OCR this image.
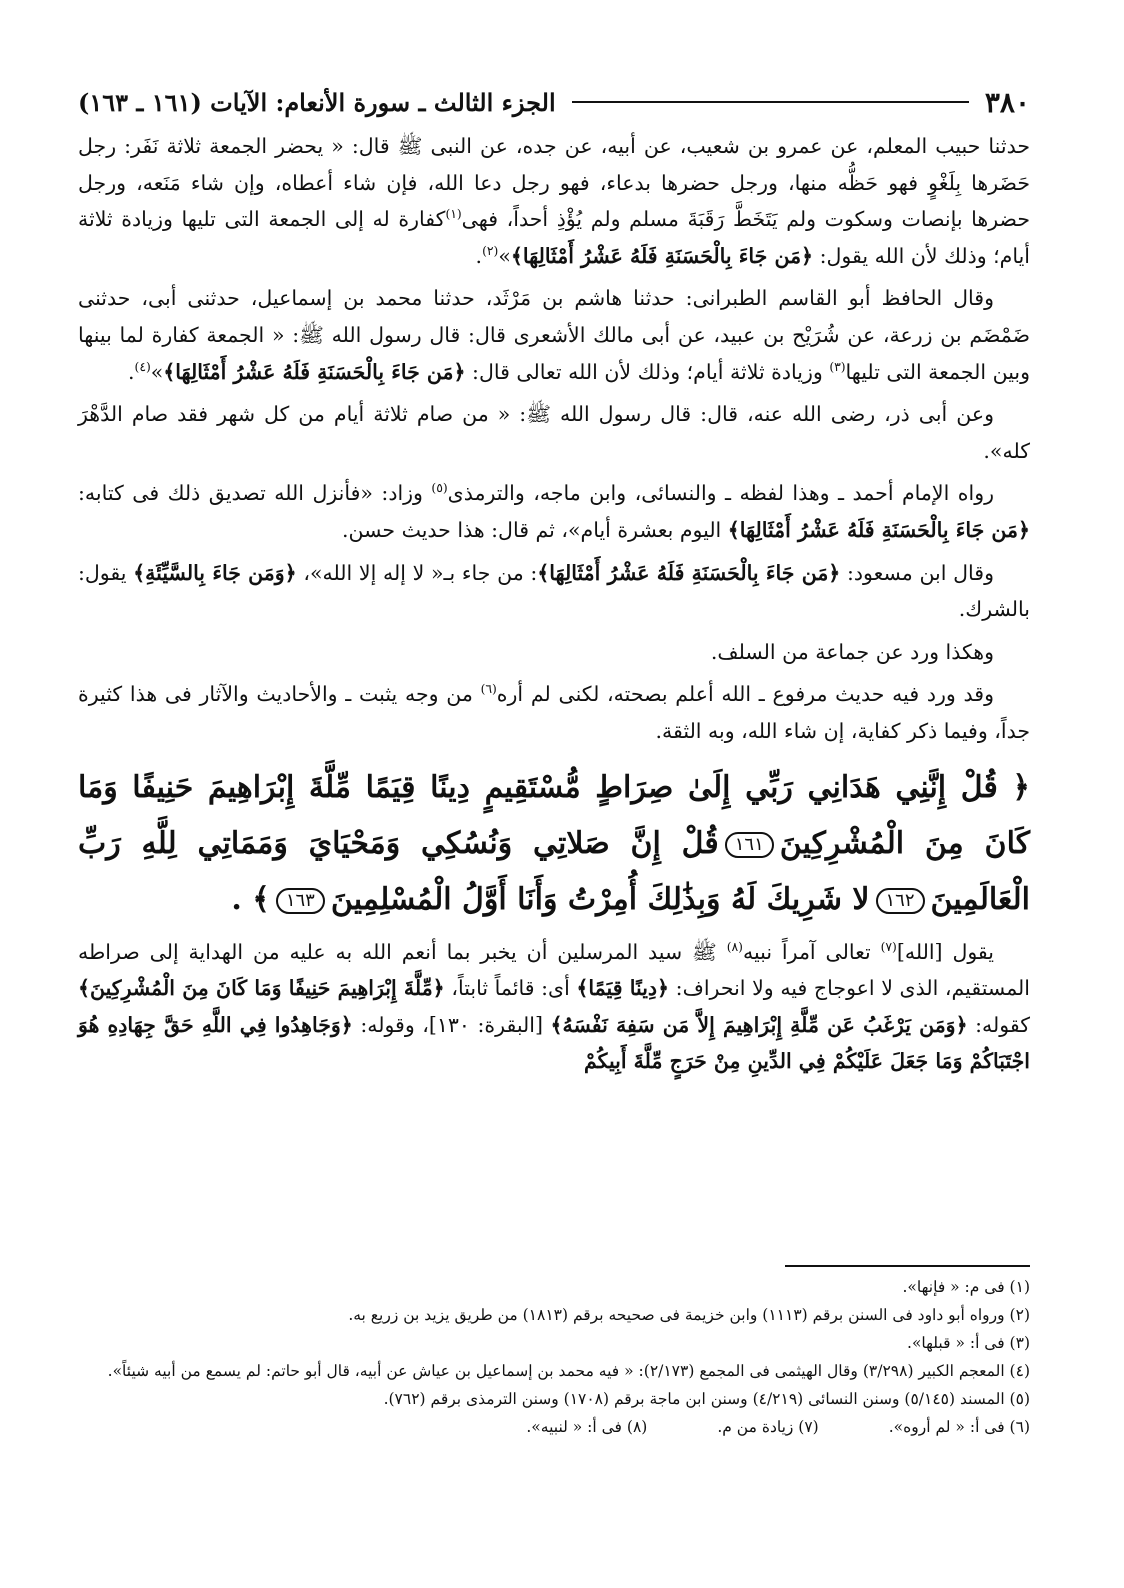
٣٨٠
الجزء الثالث ـ سورة الأنعام: الآيات (١٦١ ـ ١٦٣)

حدثنا حبيب المعلم، عن عمرو بن شعيب، عن أبيه، عن جده، عن النبى ﷺ قال: « يحضر الجمعة ثلاثة نَفَر: رجل حَضَرها بِلَغْوٍ فهو حَظُّه منها، ورجل حضرها بدعاء، فهو رجل دعا الله، فإن شاء أعطاه، وإن شاء مَنَعه، ورجل حضرها بإنصات وسكوت ولم يَتَخَطَّ رَقَبَةَ مسلم ولم يُؤْذِ أحداً، فهى$^{(١)}$كفارة له إلى الجمعة التى تليها وزيادة ثلاثة أيام؛ وذلك لأن الله يقول: ﴿مَن جَاءَ بِالْحَسَنَةِ فَلَهُ عَشْرُ أَمْثَالِهَا﴾»$^{(٢)}$.

وقال الحافظ أبو القاسم الطبرانى: حدثنا هاشم بن مَرْثَد، حدثنا محمد بن إسماعيل، حدثنى أبى، حدثنى ضَمْضَم بن زرعة، عن شُرَيْح بن عبيد، عن أبى مالك الأشعرى قال: قال رسول الله ﷺ: « الجمعة كفارة لما بينها وبين الجمعة التى تليها$^{(٣)}$ وزيادة ثلاثة أيام؛ وذلك لأن الله تعالى قال: ﴿مَن جَاءَ بِالْحَسَنَةِ فَلَهُ عَشْرُ أَمْثَالِهَا﴾»$^{(٤)}$.

وعن أبى ذر، رضى الله عنه، قال: قال رسول الله ﷺ: « من صام ثلاثة أيام من كل شهر فقد صام الدَّهْرَ كله».

رواه الإمام أحمد ـ وهذا لفظه ـ والنسائى، وابن ماجه، والترمذى$^{(٥)}$ وزاد: «فأنزل الله تصديق ذلك فى كتابه: ﴿مَن جَاءَ بِالْحَسَنَةِ فَلَهُ عَشْرُ أَمْثَالِهَا﴾ اليوم بعشرة أيام»، ثم قال: هذا حديث حسن.

وقال ابن مسعود: ﴿مَن جَاءَ بِالْحَسَنَةِ فَلَهُ عَشْرُ أَمْثَالِهَا﴾: من جاء بـ« لا إله إلا الله»، ﴿وَمَن جَاءَ بِالسَّيِّئَةِ﴾ يقول: بالشرك.

وهكذا ورد عن جماعة من السلف.

وقد ورد فيه حديث مرفوع ـ الله أعلم بصحته، لكنى لم أره$^{(٦)}$ من وجه يثبت ـ والأحاديث والآثار فى هذا كثيرة جداً، وفيما ذكر كفاية، إن شاء الله، وبه الثقة.

﴿ قُلْ إِنَّنِي هَدَانِي رَبِّي إِلَىٰ صِرَاطٍ مُّسْتَقِيمٍ دِينًا قِيَمًا مِّلَّةَ إِبْرَاهِيمَ حَنِيفًا وَمَا كَانَ مِنَ الْمُشْرِكِينَ١٦١قُلْ إِنَّ صَلاتِي وَنُسُكِي وَمَحْيَايَ وَمَمَاتِي لِلَّهِ رَبِّ الْعَالَمِينَ١٦٢لا شَرِيكَ لَهُ وَبِذَٰلِكَ أُمِرْتُ وَأَنَا أَوَّلُ الْمُسْلِمِينَ١٦٣﴾ .

يقول [الله]$^{(٧)}$ تعالى آمراً نبيه$^{(٨)}$ ﷺ سيد المرسلين أن يخبر بما أنعم الله به عليه من الهداية إلى صراطه المستقيم، الذى لا اعوجاج فيه ولا انحراف: ﴿دِينًا قِيَمًا﴾ أى: قائماً ثابتاً، ﴿مِّلَّةَ إِبْرَاهِيمَ حَنِيفًا وَمَا كَانَ مِنَ الْمُشْرِكِينَ﴾ كقوله: ﴿وَمَن يَرْغَبُ عَن مِّلَّةِ إِبْرَاهِيمَ إِلاَّ مَن سَفِهَ نَفْسَهُ﴾ [البقرة: ١٣٠]، وقوله: ﴿وَجَاهِدُوا فِي اللَّهِ حَقَّ جِهَادِهِ هُوَ اجْتَبَاكُمْ وَمَا جَعَلَ عَلَيْكُمْ فِي الدِّينِ مِنْ حَرَجٍ مِّلَّةَ أَبِيكُمْ

(١) فى م: « فإنها».

(٢) ورواه أبو داود فى السنن برقم (١١١٣) وابن خزيمة فى صحيحه برقم (١٨١٣) من طريق يزيد بن زريع به.

(٣) فى أ: « قبلها».

(٤) المعجم الكبير (٣/٢٩٨) وقال الهيثمى فى المجمع (٢/١٧٣): « فيه محمد بن إسماعيل بن عياش عن أبيه، قال أبو حاتم: لم يسمع من أبيه شيئاً».

(٥) المسند (٥/١٤٥) وسنن النسائى (٤/٢١٩) وسنن ابن ماجة برقم (١٧٠٨) وسنن الترمذى برقم (٧٦٢).

(٦) فى أ: « لم أروه».
(٧) زيادة من م.
(٨) فى أ: « لنبيه».
